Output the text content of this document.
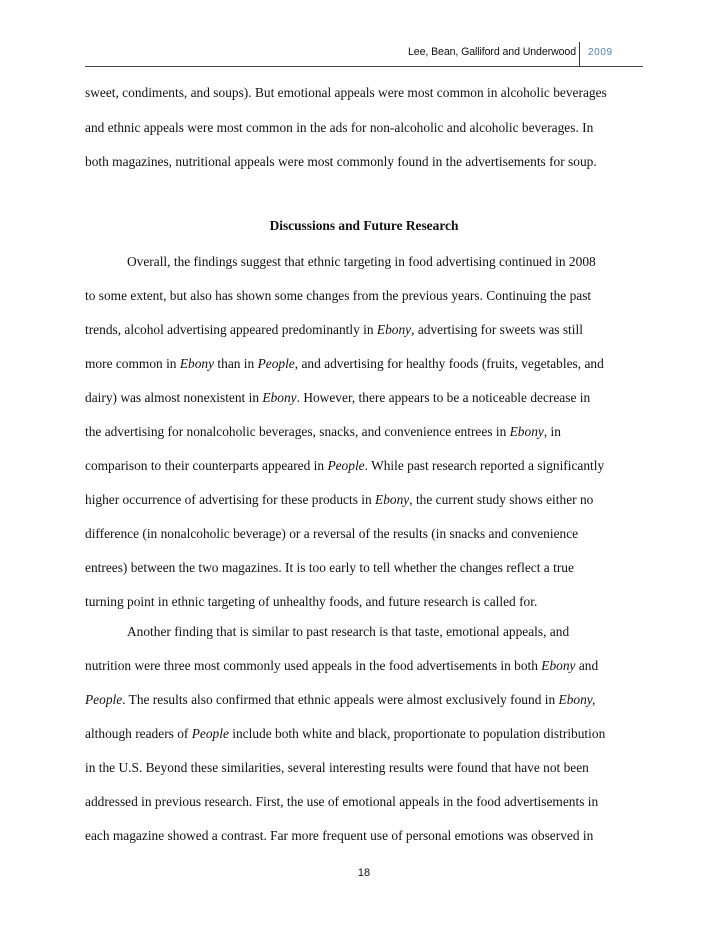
Lee, Bean, Galliford and Underwood 2009
sweet, condiments, and soups). But emotional appeals were most common in alcoholic beverages
and ethnic appeals were most common in the ads for non-alcoholic and alcoholic beverages. In
both magazines, nutritional appeals were most commonly found in the advertisements for soup.
Discussions and Future Research
Overall, the findings suggest that ethnic targeting in food advertising continued in 2008
to some extent, but also has shown some changes from the previous years. Continuing the past
trends, alcohol advertising appeared predominantly in Ebony, advertising for sweets was still
more common in Ebony than in People, and advertising for healthy foods (fruits, vegetables, and
dairy) was almost nonexistent in Ebony. However, there appears to be a noticeable decrease in
the advertising for nonalcoholic beverages, snacks, and convenience entrees in Ebony, in
comparison to their counterparts appeared in People. While past research reported a significantly
higher occurrence of advertising for these products in Ebony, the current study shows either no
difference (in nonalcoholic beverage) or a reversal of the results (in snacks and convenience
entrees) between the two magazines. It is too early to tell whether the changes reflect a true
turning point in ethnic targeting of unhealthy foods, and future research is called for.
Another finding that is similar to past research is that taste, emotional appeals, and
nutrition were three most commonly used appeals in the food advertisements in both Ebony and
People. The results also confirmed that ethnic appeals were almost exclusively found in Ebony,
although readers of People include both white and black, proportionate to population distribution
in the U.S. Beyond these similarities, several interesting results were found that have not been
addressed in previous research. First, the use of emotional appeals in the food advertisements in
each magazine showed a contrast. Far more frequent use of personal emotions was observed in
18
